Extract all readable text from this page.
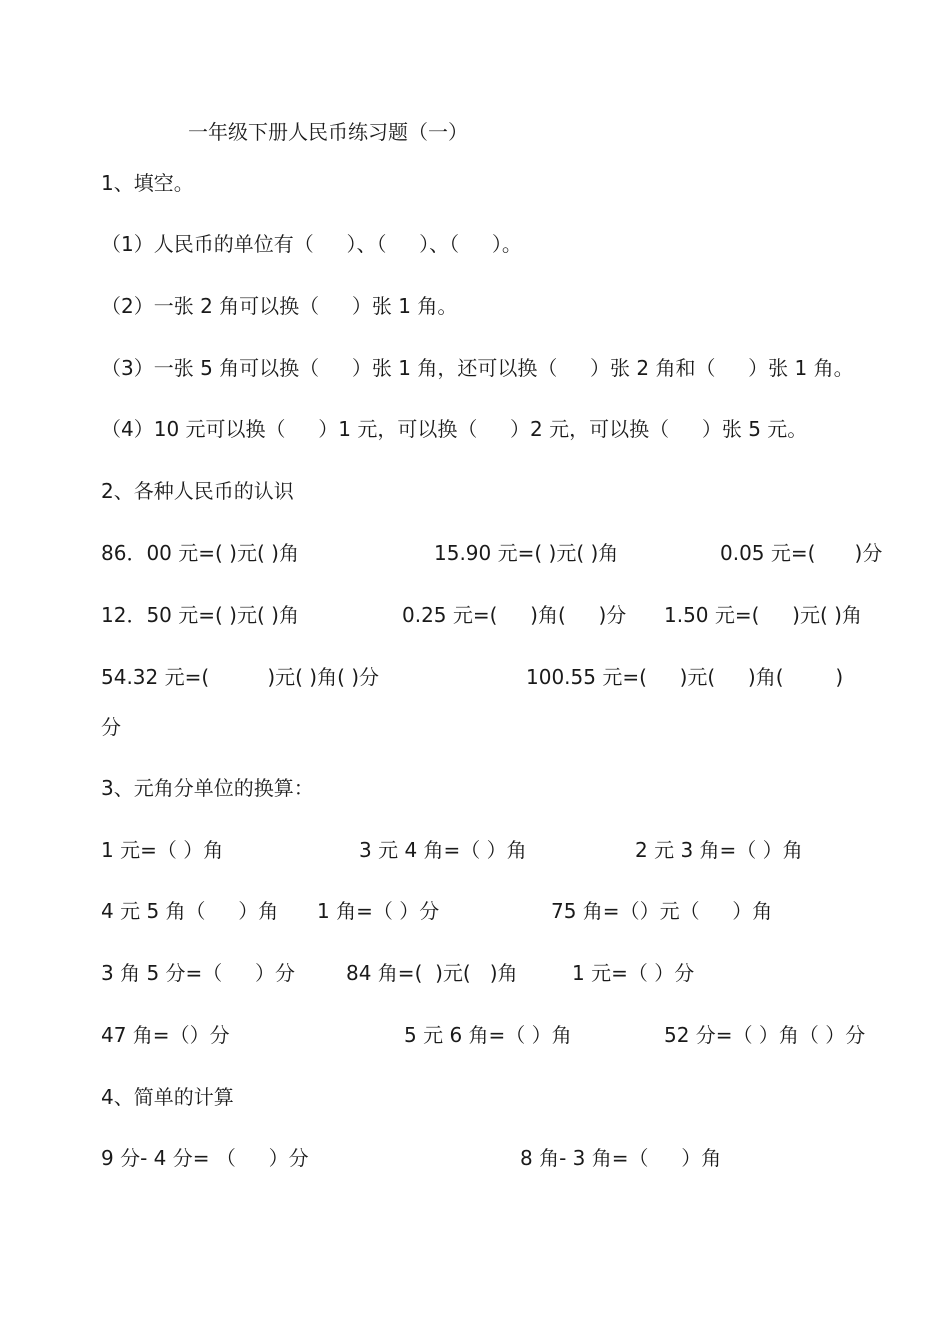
一年级下册人民币练习题（一）
1、填空。
（1）人民币的单位有（　  ）、（　  ）、（　  ）。
（2）一张 2 角可以换（　  ）张 1 角。
（3）一张 5 角可以换（　  ）张 1 角，还可以换（　  ）张 2 角和（　  ）张 1 角。
（4）10 元可以换（　  ）1 元，可以换（　  ）2 元，可以换（　  ）张 5 元。
2、各种人民币的认识
86．00 元=( )元( )角	15.90 元=( )元( )角	0.05 元=(　   )分
12．50 元=( )元( )角	0.25 元=(　  )角(　  )分 1.50 元=(　  )元( )角
54.32 元=(　      )元( )角( )分	100.55 元=(　  )元(　  )角(　     )
分
3、元角分单位的换算：
1 元=（ ）角	3 元 4 角=（ ）角	2 元 3 角=（ ）角
4 元 5 角（　  ）角 1 角=（ ）分	75 角=（）元（　  ）角
3 角 5 分=（　  ）分	84 角=(  )元(   )角	1 元=（ ）分
47 角=（）分	5 元 6 角=（ ）角	52 分=（ ）角（ ）分
4、简单的计算
9 分- 4 分= （　  ）分	8 角- 3 角=（　  ）角
